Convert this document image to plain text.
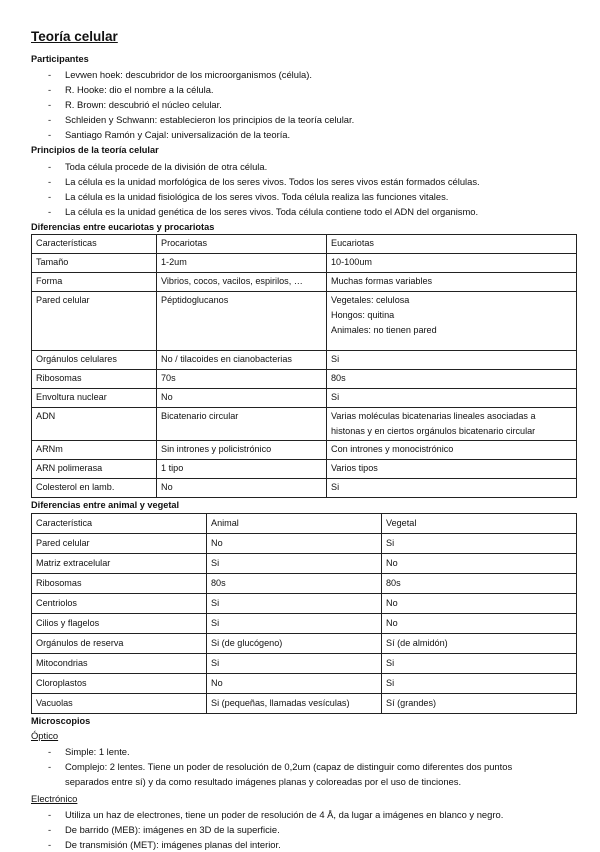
Teoría celular
Participantes
- Levwen hoek: descubridor de los microorganismos (célula).
- R. Hooke: dio el nombre a la célula.
- R. Brown: descubrió el núcleo celular.
- Schleiden y Schwann: establecieron los principios de la teoría celular.
- Santiago Ramón y Cajal: universalización de la teoría.
Principios de la teoría celular
- Toda célula procede de la división de otra célula.
- La célula es la unidad morfológica de los seres vivos. Todos los seres vivos están formados células.
- La célula es la unidad fisiológica de los seres vivos. Toda célula realiza las funciones vitales.
- La célula es la unidad genética de los seres vivos. Toda célula contiene todo el ADN del organismo.
Diferencias entre eucariotas y procariotas
Características	Procariotas	Eucariotas
Tamaño	1-2um	10-100um
Forma	Vibrios, cocos, vacilos, espirilos, …	Muchas formas variables
Pared celular	Péptidoglucanos	Vegetales: celulosa
Hongos: quitina
Animales: no tienen pared

Orgánulos celulares	No / tilacoides en cianobacterias	Si
Ribosomas	70s	80s
Envoltura nuclear	No	Si
ADN	Bicatenario circular	Varias moléculas bicatenarias lineales asociadas a
histonas y en ciertos orgánulos bicatenario circular

ARNm	Sin intrones y policistrónico	Con intrones y monocistrónico
ARN polimerasa	1 tipo	Varios tipos
Colesterol en lamb.	No	Si
Diferencias entre animal y vegetal
Característica	Animal	Vegetal
Pared celular	No	Si
Matriz extracelular	Si	No
Ribosomas	80s	80s
Centriolos	Si	No
Cilios y flagelos	Si	No
Orgánulos de reserva	Si (de glucógeno)	Sí (de almidón)
Mitocondrias	Si	Si
Cloroplastos	No	Si
Vacuolas	Si (pequeñas, llamadas vesículas)	Sí (grandes)
Microscopios
Óptico
- Simple: 1 lente.
- Complejo: 2 lentes. Tiene un poder de resolución de 0,2um (capaz de distinguir como diferentes dos puntos
separados entre sí) y da como resultado imágenes planas y coloreadas por el uso de tinciones.
Electrónico
- Utiliza un haz de electrones, tiene un poder de resolución de 4 Å, da lugar a imágenes en blanco y negro.
- De barrido (MEB): imágenes en 3D de la superficie.
- De transmisión (MET): imágenes planas del interior.
